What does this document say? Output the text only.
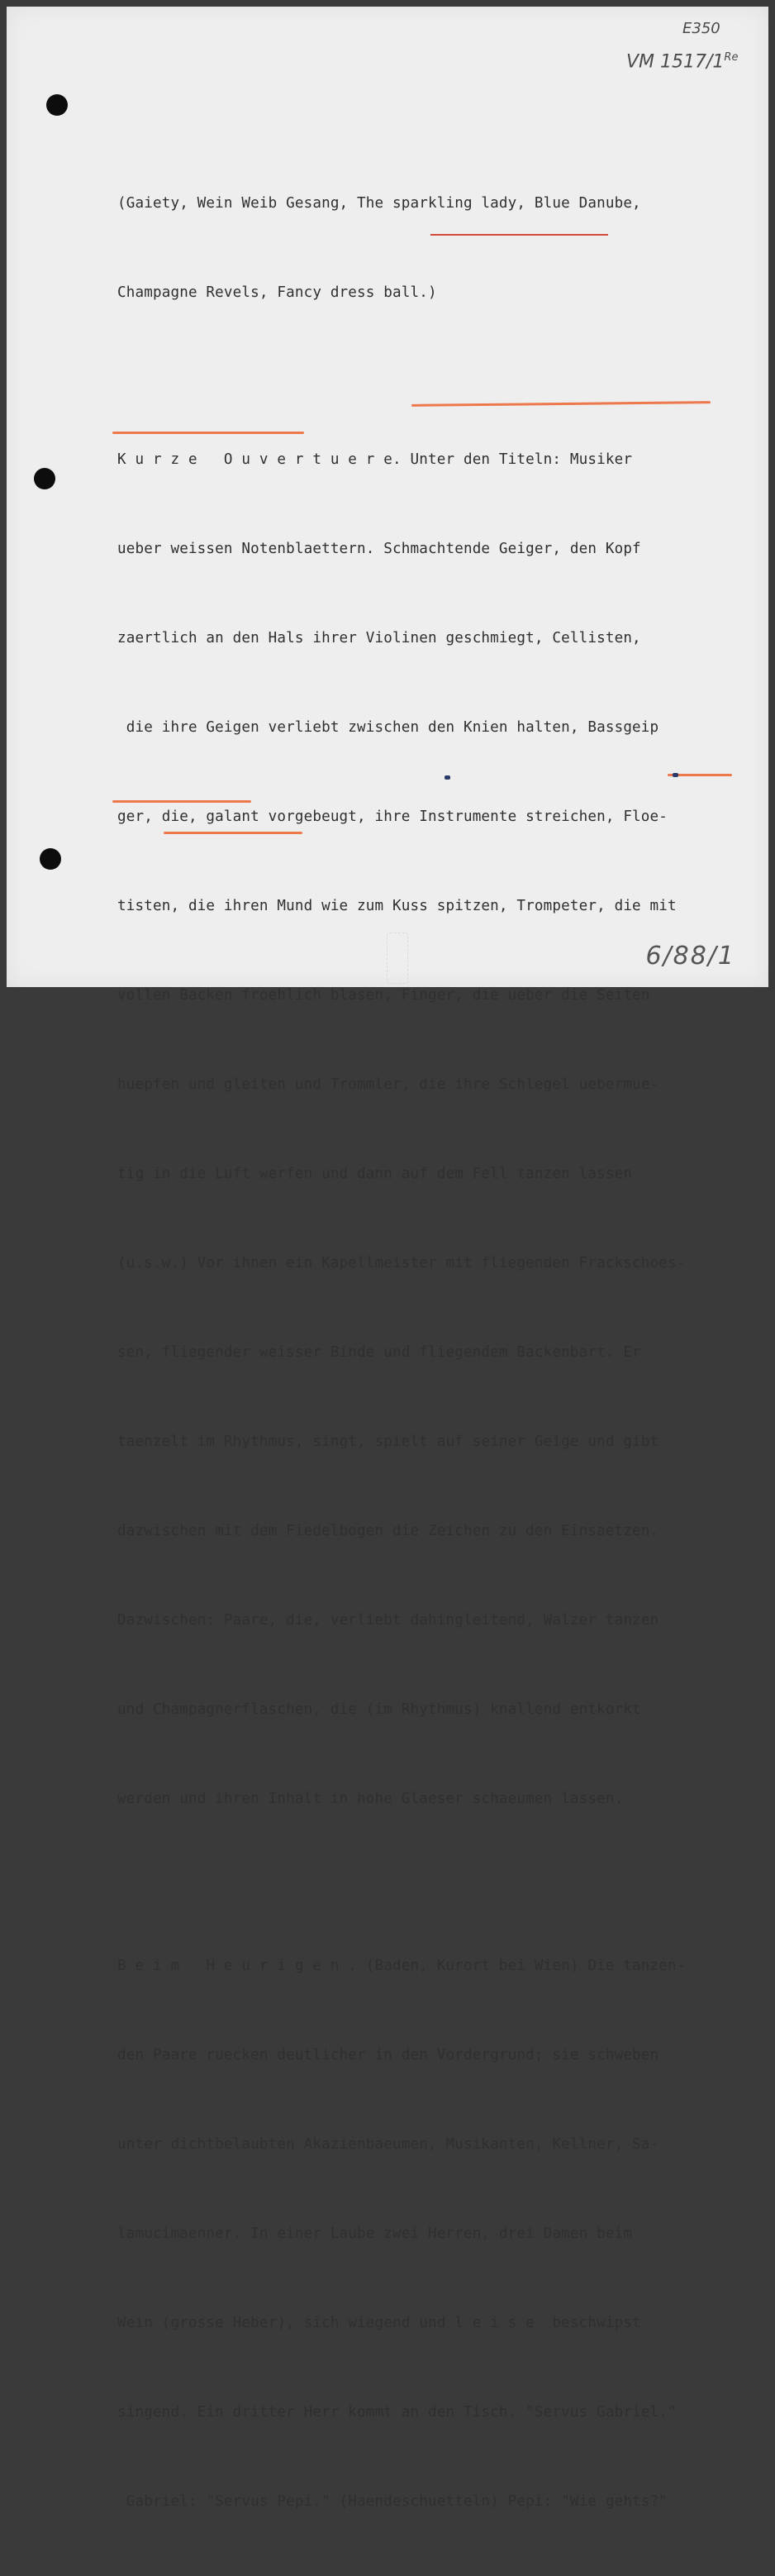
E350
VM 1517/1Re

(Gaiety, Wein Weib Gesang, The sparkling lady, Blue Danube,

Champagne Revels, Fancy dress ball.)

K u r z e   O u v e r t u e r e. Unter den Titeln: Musiker

ueber weissen Notenblaettern. Schmachtende Geiger, den Kopf

zaertlich an den Hals ihrer Violinen geschmiegt, Cellisten,

die ihre Geigen verliebt zwischen den Knien halten, Bassgeip

ger, die, galant vorgebeugt, ihre Instrumente streichen, Floe-

tisten, die ihren Mund wie zum Kuss spitzen, Trompeter, die mit

vollen Backen froehlich blasen, Finger, die ueber die Seiten

huepfen und gleiten und Trommler, die ihre Schlegel uebermue-

tig in die Luft werfen und dann auf dem Fell tanzen lassen

(u.s.w.) Vor ihnen ein Kapellmeister mit fliegenden Frackschoes-

sen, fliegender weisser Binde und fliegendem Backenbart. Er

taenzelt im Rhythmus, singt, spielt auf seiner Geige und gibt

dazwischen mit dem Fiedelbogen die Zeichen zu den Einsaetzen.

Dazwischen: Paare, die, verliebt dahingleitend, Walzer tanzen

und Champagnerflaschen, die (im Rhythmus) knallend entkorkt

werden und ihren Inhalt in hohe Glaeser schaeumen lassen.

B e i m   H e u r i g e n . (Baden, Kurort bei Wien) Die tanzen-

den Paare ruecken deutlicher in den Vordergrund; sie schweben

unter dichtbelaubten Akazienbaeumen, Musikanten, Kellner, Sa-

lamucimaenner. In einer Laube zwei Herren, drei Damen beim

Wein (grosse Heber), sich wiegend und l e i s e  beschwipst

singend. Ein dritter Herr kommt an den Tisch. "Servus Gabriel."

Gabriel: "Servus Pepi." (Haendeschuetteln) Pepi: "Wie gehts?"

6/88/1
